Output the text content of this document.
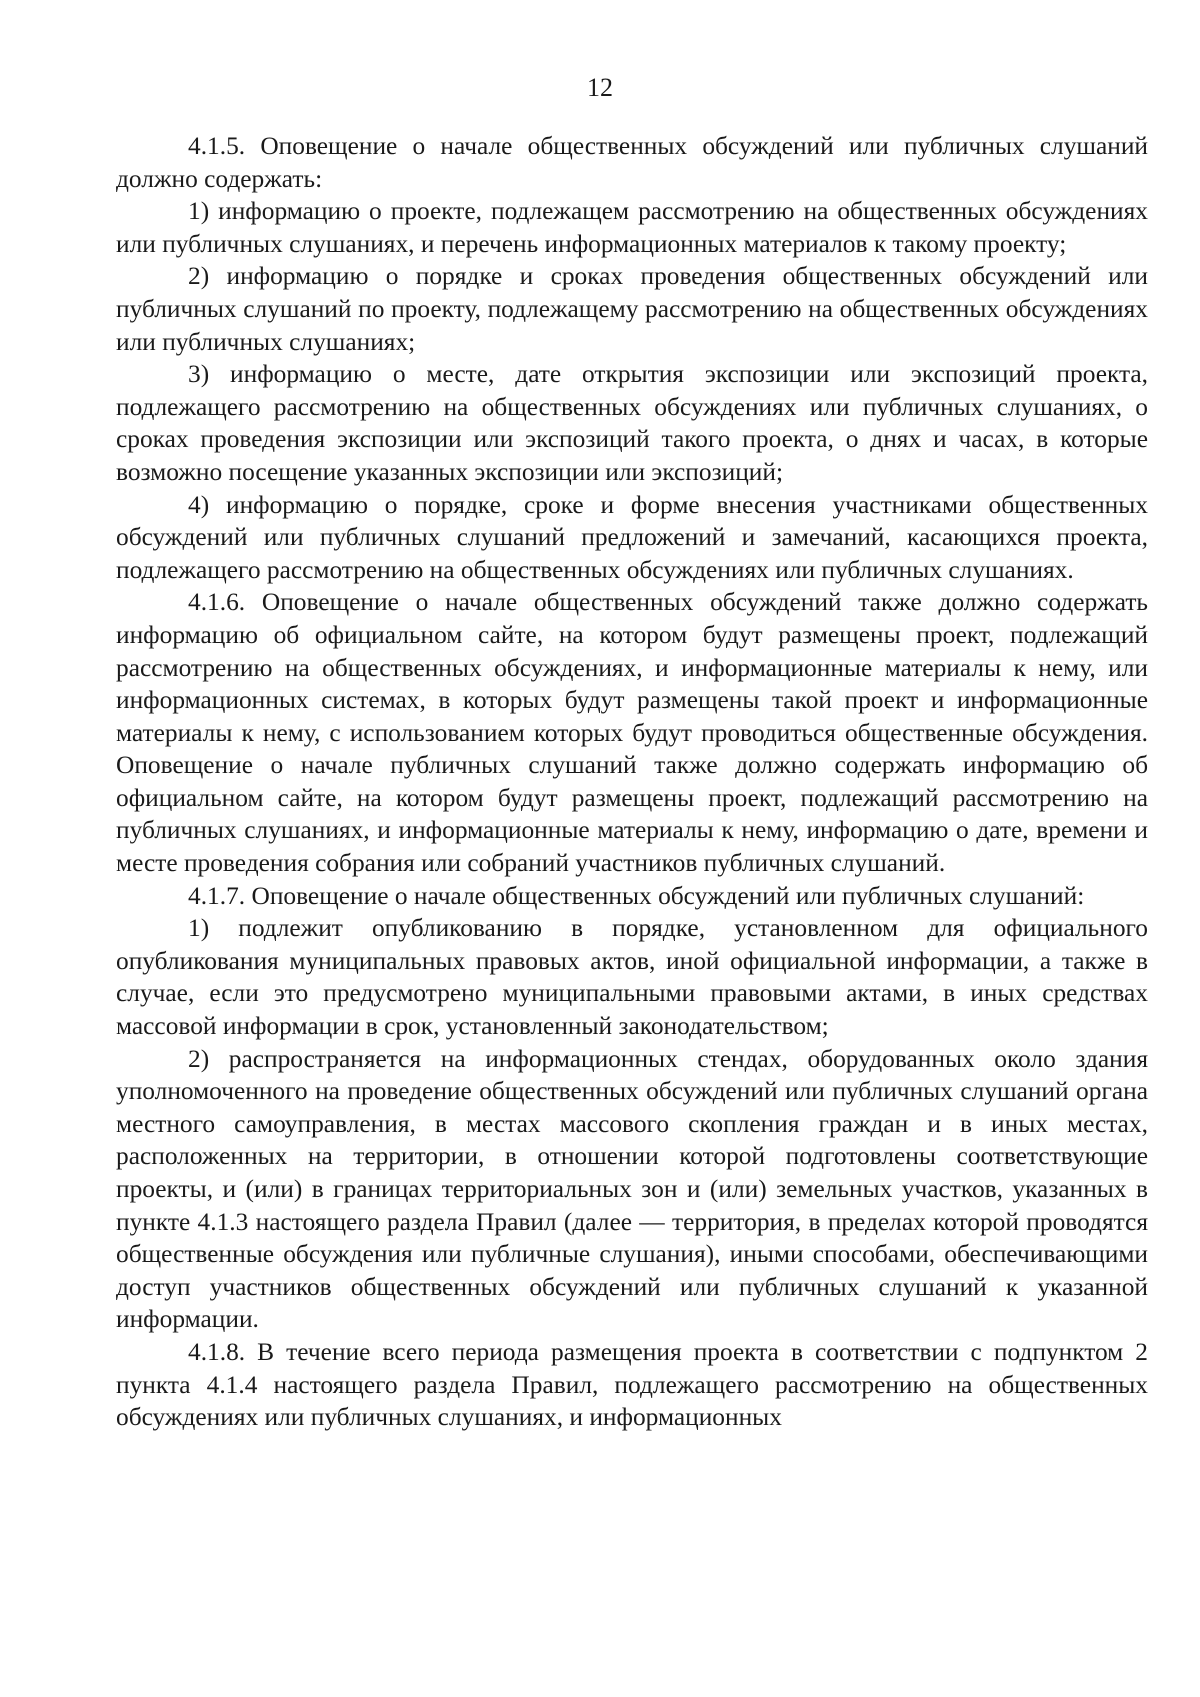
12

4.1.5. Оповещение о начале общественных обсуждений или публичных слушаний должно содержать:

1) информацию о проекте, подлежащем рассмотрению на общественных обсуждениях или публичных слушаниях, и перечень информационных материалов к такому проекту;

2) информацию о порядке и сроках проведения общественных обсуждений или публичных слушаний по проекту, подлежащему рассмотрению на общественных обсуждениях или публичных слушаниях;

3) информацию о месте, дате открытия экспозиции или экспозиций проекта, подлежащего рассмотрению на общественных обсуждениях или публичных слушаниях, о сроках проведения экспозиции или экспозиций такого проекта, о днях и часах, в которые возможно посещение указанных экспозиции или экспозиций;

4) информацию о порядке, сроке и форме внесения участниками общественных обсуждений или публичных слушаний предложений и замечаний, касающихся проекта, подлежащего рассмотрению на общественных обсуждениях или публичных слушаниях.

4.1.6. Оповещение о начале общественных обсуждений также должно содержать информацию об официальном сайте, на котором будут размещены проект, подлежащий рассмотрению на общественных обсуждениях, и информационные материалы к нему, или информационных системах, в которых будут размещены такой проект и информационные материалы к нему, с использованием которых будут проводиться общественные обсуждения. Оповещение о начале публичных слушаний также должно содержать информацию об официальном сайте, на котором будут размещены проект, подлежащий рассмотрению на публичных слушаниях, и информационные материалы к нему, информацию о дате, времени и месте проведения собрания или собраний участников публичных слушаний.

4.1.7. Оповещение о начале общественных обсуждений или публичных слушаний:

1) подлежит опубликованию в порядке, установленном для официального опубликования муниципальных правовых актов, иной официальной информации, а также в случае, если это предусмотрено муниципальными правовыми актами, в иных средствах массовой информации в срок, установленный законодательством;

2) распространяется на информационных стендах, оборудованных около здания уполномоченного на проведение общественных обсуждений или публичных слушаний органа местного самоуправления, в местах массового скопления граждан и в иных местах, расположенных на территории, в отношении которой подготовлены соответствующие проекты, и (или) в границах территориальных зон и (или) земельных участков, указанных в пункте 4.1.3 настоящего раздела Правил (далее — территория, в пределах которой проводятся общественные обсуждения или публичные слушания), иными способами, обеспечивающими доступ участников общественных обсуждений или публичных слушаний к указанной информации.

4.1.8. В течение всего периода размещения проекта в соответствии с подпунктом 2 пункта 4.1.4 настоящего раздела Правил, подлежащего рассмотрению на общественных обсуждениях или публичных слушаниях, и информационных
